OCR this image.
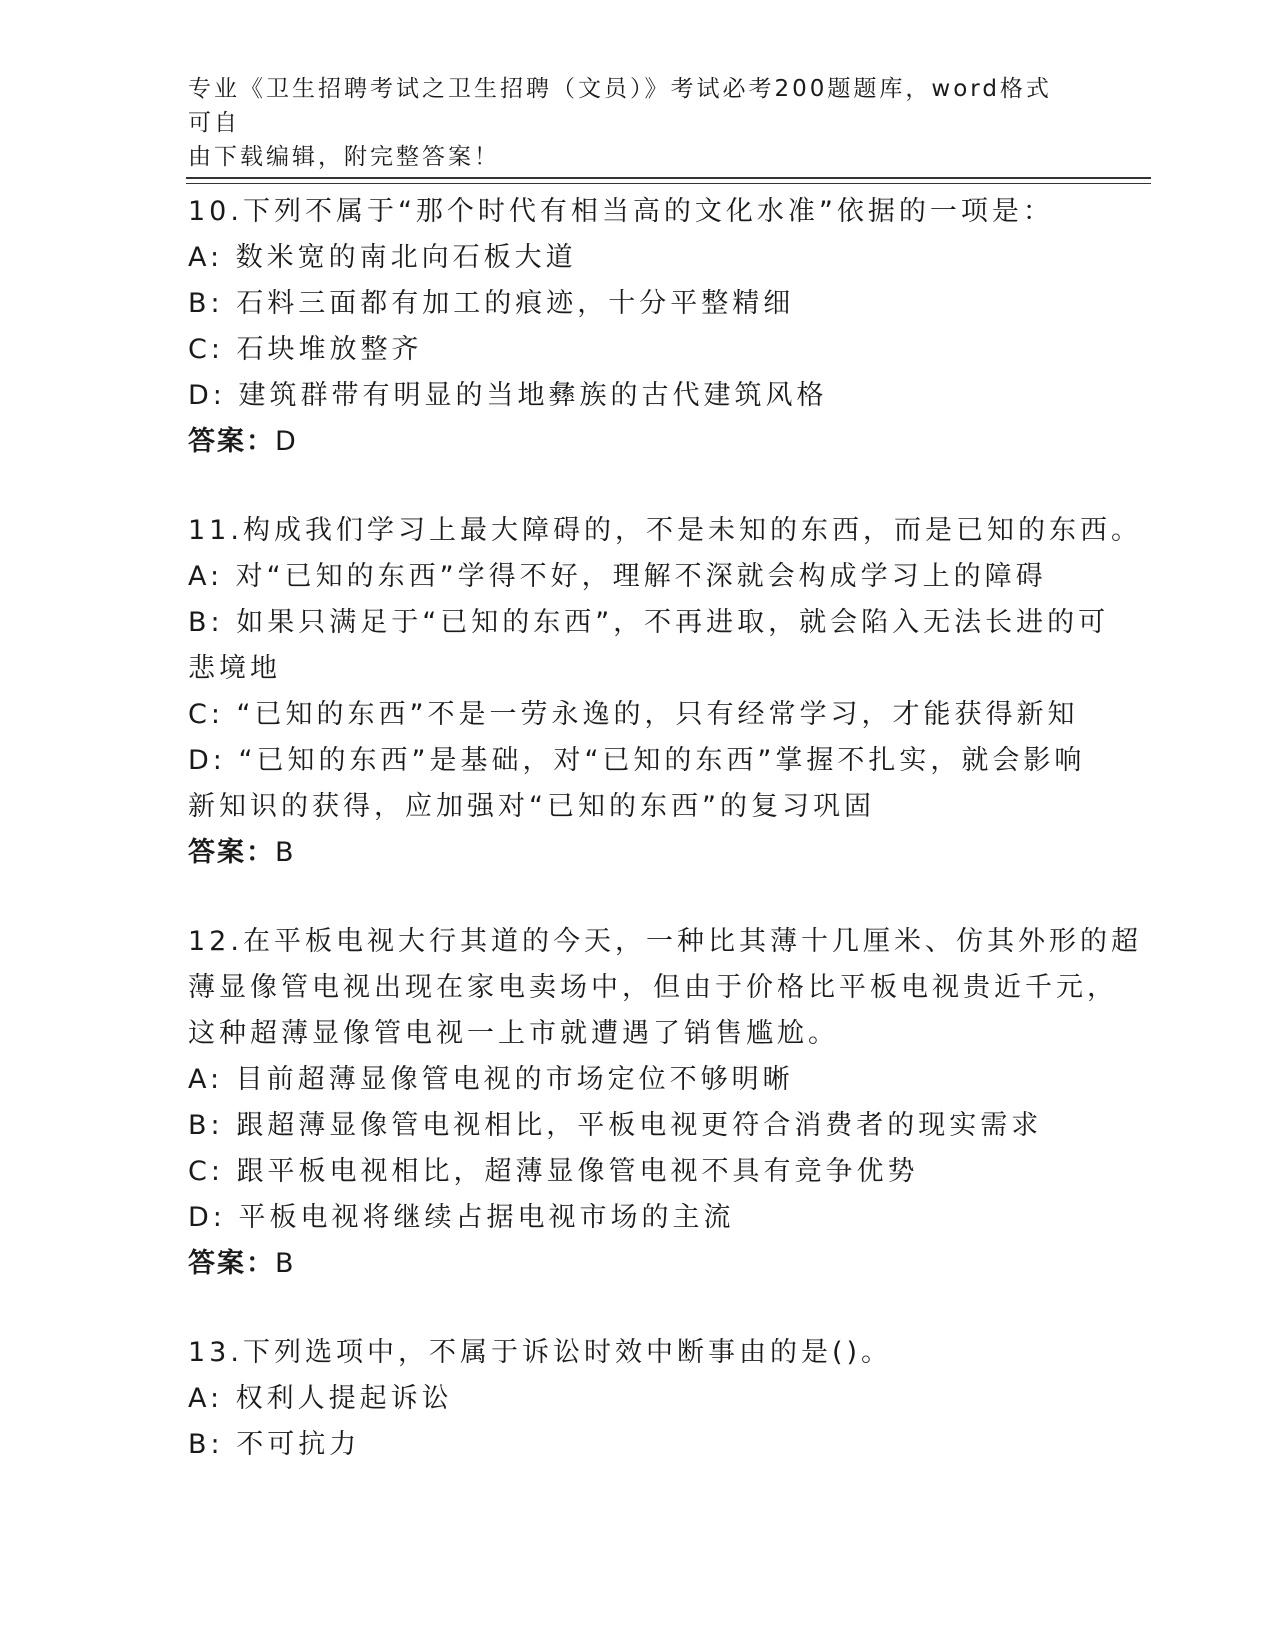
专业《卫生招聘考试之卫生招聘（文员）》考试必考200题题库，word格式可自
由下载编辑，附完整答案！
10.下列不属于“那个时代有相当高的文化水准”依据的一项是：
A: 数米宽的南北向石板大道
B: 石料三面都有加工的痕迹，十分平整精细
C: 石块堆放整齐
D: 建筑群带有明显的当地彝族的古代建筑风格
答案：D
11.构成我们学习上最大障碍的，不是未知的东西，而是已知的东西。
A: 对“已知的东西”学得不好，理解不深就会构成学习上的障碍
B: 如果只满足于“已知的东西”，不再进取，就会陷入无法长进的可
悲境地
C: “已知的东西”不是一劳永逸的，只有经常学习，才能获得新知
D: “已知的东西”是基础，对“已知的东西”掌握不扎实，就会影响
新知识的获得，应加强对“已知的东西”的复习巩固
答案：B
12.在平板电视大行其道的今天，一种比其薄十几厘米、仿其外形的超
薄显像管电视出现在家电卖场中，但由于价格比平板电视贵近千元，
这种超薄显像管电视一上市就遭遇了销售尴尬。
A: 目前超薄显像管电视的市场定位不够明晰
B: 跟超薄显像管电视相比，平板电视更符合消费者的现实需求
C: 跟平板电视相比，超薄显像管电视不具有竞争优势
D: 平板电视将继续占据电视市场的主流
答案：B
13.下列选项中，不属于诉讼时效中断事由的是()。
A: 权利人提起诉讼
B: 不可抗力
